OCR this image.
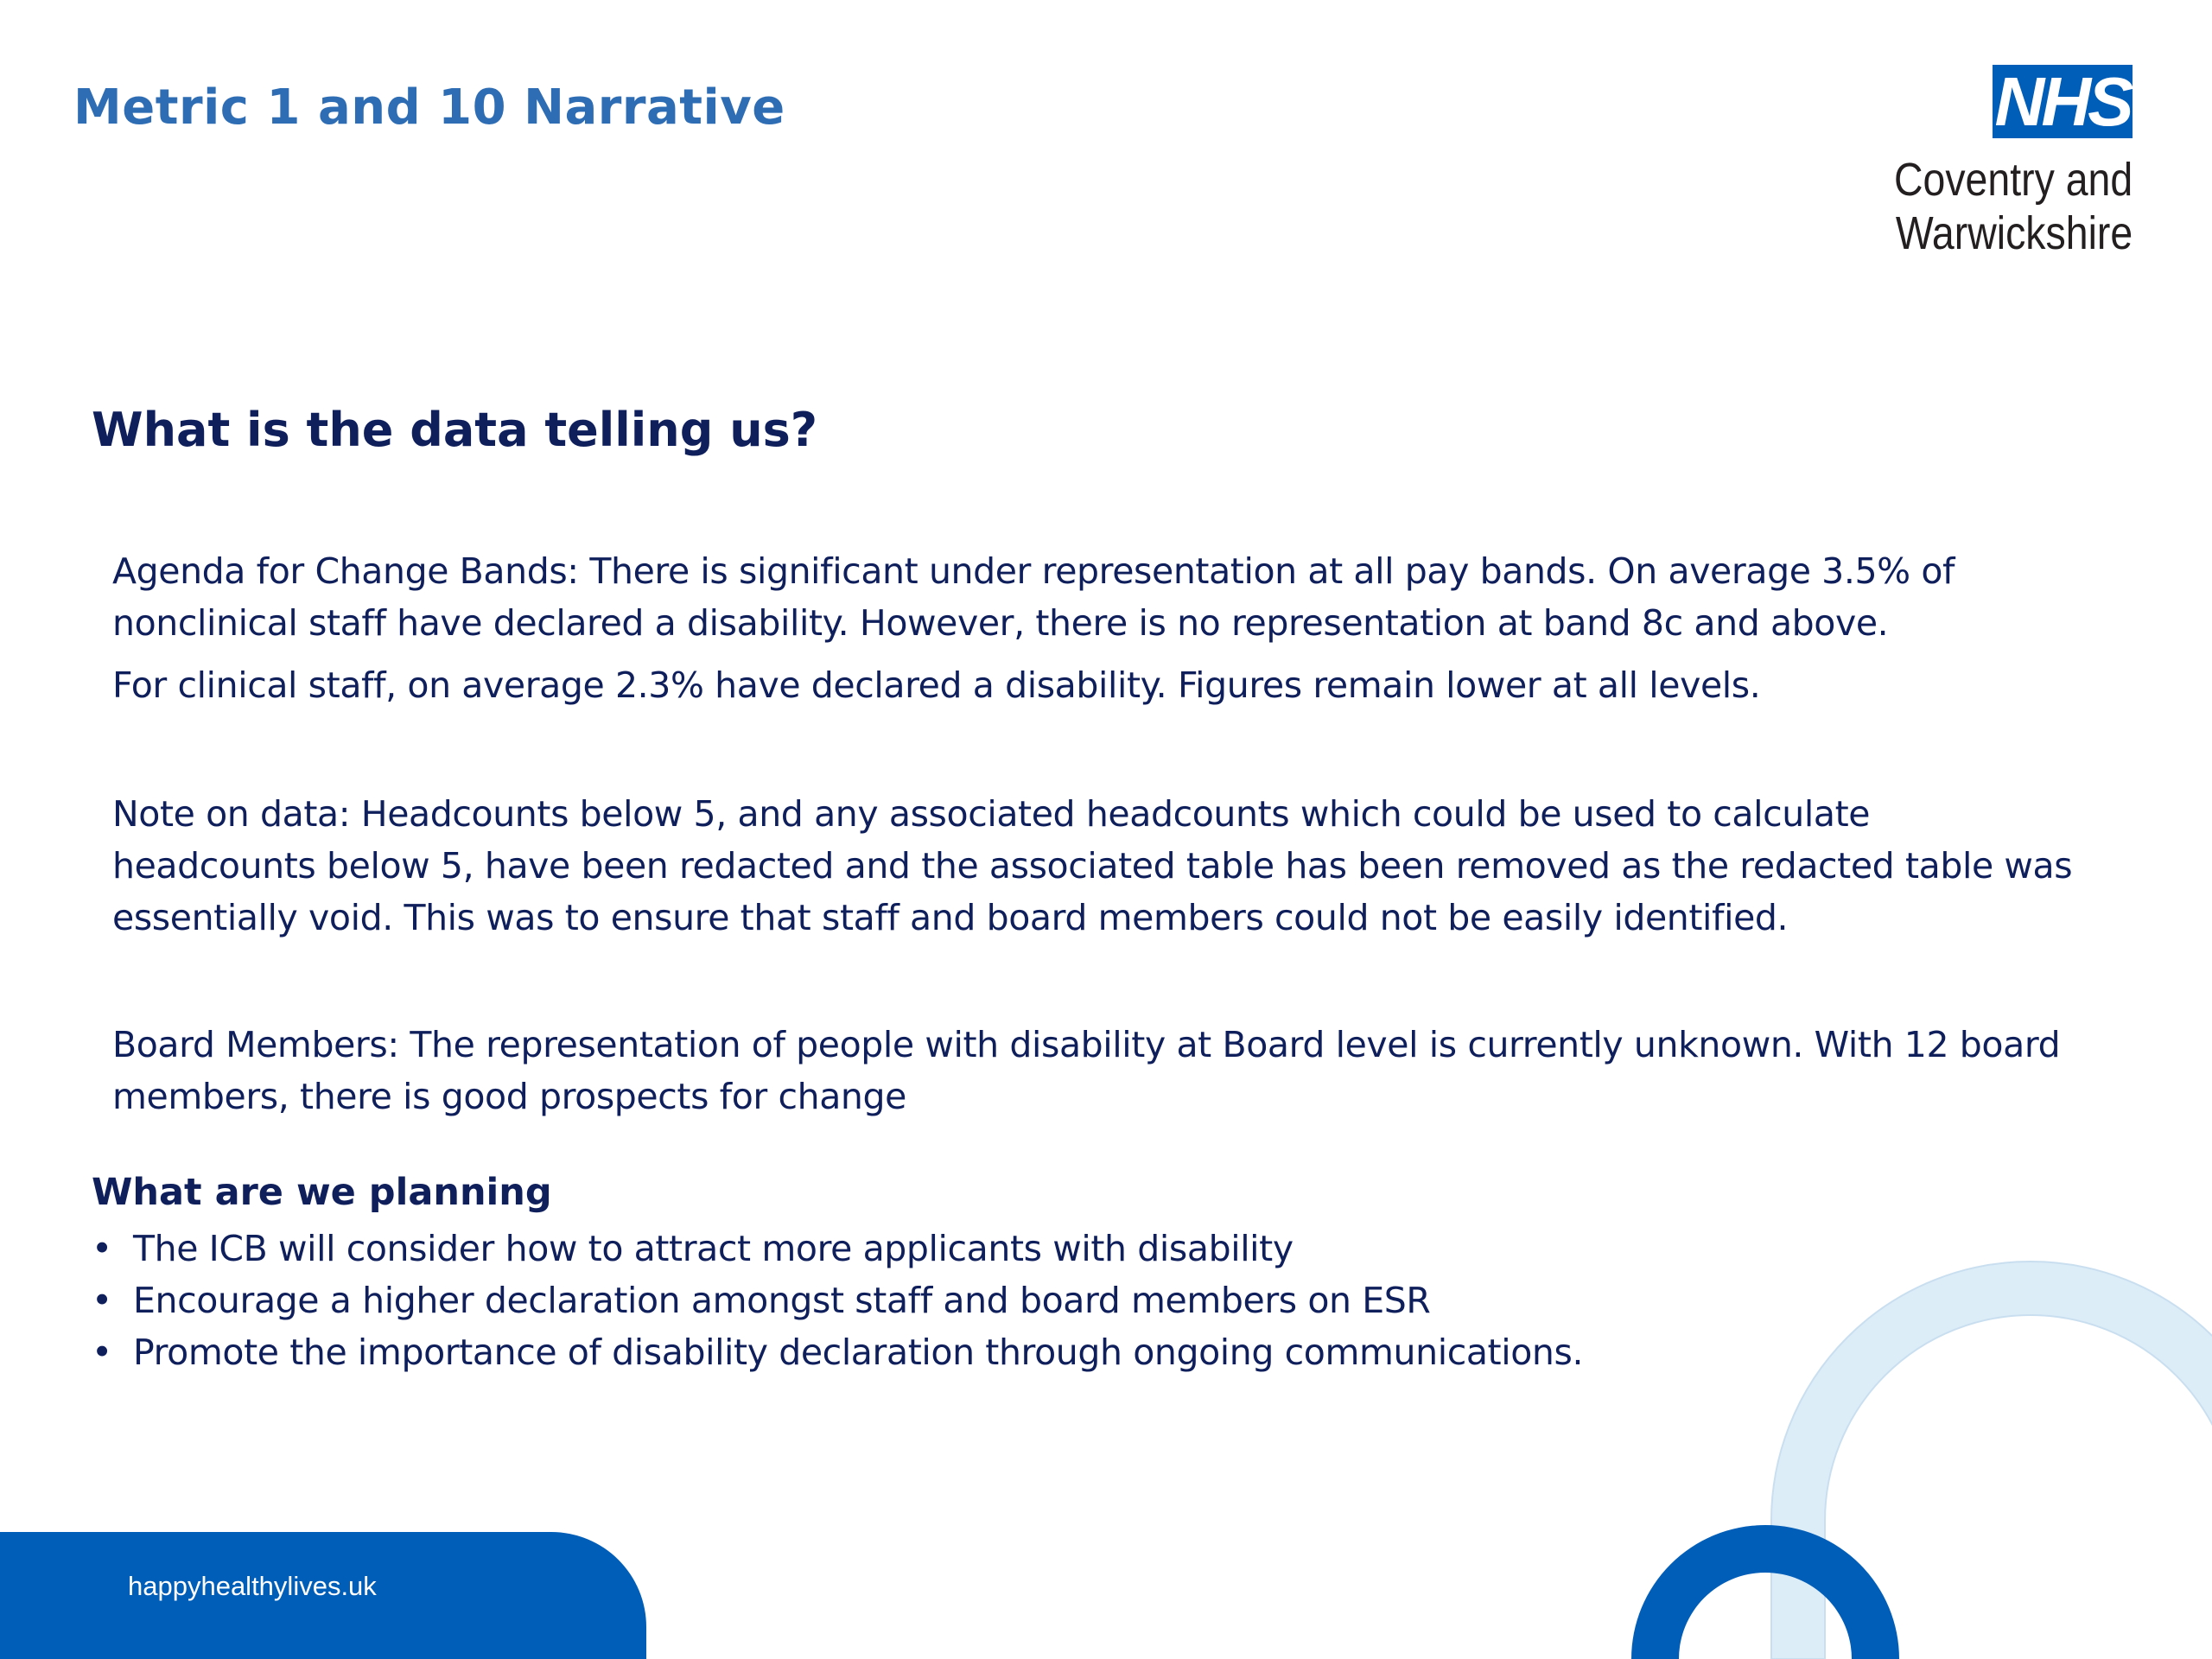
Metric 1 and 10 Narrative	NHS
Coventry and
Warwickshire
What is the data telling us?

Agenda for Change Bands: There is significant under representation at all pay bands. On average 3.5% of nonclinical staff have declared a disability. However, there is no representation at band 8c and above.

For clinical staff, on average 2.3% have declared a disability. Figures remain lower at all levels.

Note on data: Headcounts below 5, and any associated headcounts which could be used to calculate headcounts below 5, have been redacted and the associated table has been removed as the redacted table was essentially void. This was to ensure that staff and board members could not be easily identified.

Board Members: The representation of people with disability at Board level is currently unknown. With 12 board members, there is good prospects for change

What are we planning
• The ICB will consider how to attract more applicants with disability
• Encourage a higher declaration amongst staff and board members on ESR
• Promote the importance of disability declaration through ongoing communications.
happyhealthylives.uk
